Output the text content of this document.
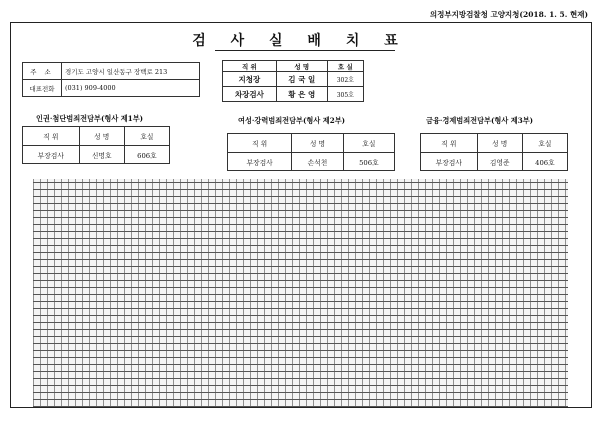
의정부지방검찰청 고양지청(2018. 1. 5. 현재)
검 사 실 배 치 표
주 소	경기도 고양시 일산동구 장백로 213
대표전화	(031) 909-4000
직 위	성 명	호 실
지청장	김 국 일	302호
차장검사	황 은 영	305호
인권·첨단범죄전담부(형사 제1부)
직 위	성 명	호실
부장검사	신명호	606호
여성·강력범죄전담부(형사 제2부)
직 위	성 명	호실
부장검사	손석천	506호
금융·경제범죄전담부(형사 제3부)
직 위	성 명	호실
부장검사	김영준	406호
